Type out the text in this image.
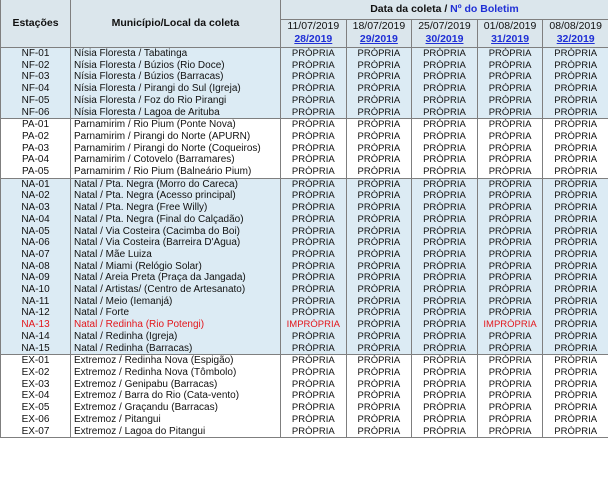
Estações	Município/Local da coleta	Data da coleta / Nº do Boletim				
		11/07/2019	18/07/2019	25/07/2019	01/08/2019	08/08/2019
		28/2019	29/2019	30/2019	31/2019	32/2019
NF-01	Nísia Floresta / Tabatinga	PRÓPRIA	PRÓPRIA	PRÓPRIA	PRÓPRIA	PRÓPRIA
NF-02	Nísia Floresta / Búzios (Rio Doce)	PRÓPRIA	PRÓPRIA	PRÓPRIA	PRÓPRIA	PRÓPRIA
NF-03	Nísia Floresta / Búzios (Barracas)	PRÓPRIA	PRÓPRIA	PRÓPRIA	PRÓPRIA	PRÓPRIA
NF-04	Nísia Floresta / Pirangi do Sul (Igreja)	PRÓPRIA	PRÓPRIA	PRÓPRIA	PRÓPRIA	PRÓPRIA
NF-05	Nísia Floresta / Foz do Rio Pirangi	PRÓPRIA	PRÓPRIA	PRÓPRIA	PRÓPRIA	PRÓPRIA
NF-06	Nísia Floresta / Lagoa de Arituba	PRÓPRIA	PRÓPRIA	PRÓPRIA	PRÓPRIA	PRÓPRIA
PA-01	Parnamirim / Rio Pium (Ponte Nova)	PRÓPRIA	PRÓPRIA	PRÓPRIA	PRÓPRIA	PRÓPRIA
PA-02	Parnamirim / Pirangi do Norte (APURN)	PRÓPRIA	PRÓPRIA	PRÓPRIA	PRÓPRIA	PRÓPRIA
PA-03	Parnamirim / Pirangi do Norte (Coqueiros)	PRÓPRIA	PRÓPRIA	PRÓPRIA	PRÓPRIA	PRÓPRIA
PA-04	Parnamirim / Cotovelo (Barramares)	PRÓPRIA	PRÓPRIA	PRÓPRIA	PRÓPRIA	PRÓPRIA
PA-05	Parnamirim / Rio Pium (Balneário Pium)	PRÓPRIA	PRÓPRIA	PRÓPRIA	PRÓPRIA	PRÓPRIA
NA-01	Natal / Pta. Negra (Morro do Careca)	PRÓPRIA	PRÓPRIA	PRÓPRIA	PRÓPRIA	PRÓPRIA
NA-02	Natal / Pta. Negra (Acesso principal)	PRÓPRIA	PRÓPRIA	PRÓPRIA	PRÓPRIA	PRÓPRIA
NA-03	Natal / Pta. Negra (Free Willy)	PRÓPRIA	PRÓPRIA	PRÓPRIA	PRÓPRIA	PRÓPRIA
NA-04	Natal / Pta. Negra (Final do Calçadão)	PRÓPRIA	PRÓPRIA	PRÓPRIA	PRÓPRIA	PRÓPRIA
NA-05	Natal / Via Costeira (Cacimba do Boi)	PRÓPRIA	PRÓPRIA	PRÓPRIA	PRÓPRIA	PRÓPRIA
NA-06	Natal / Via Costeira (Barreira D'Água)	PRÓPRIA	PRÓPRIA	PRÓPRIA	PRÓPRIA	PRÓPRIA
NA-07	Natal / Mãe Luiza	PRÓPRIA	PRÓPRIA	PRÓPRIA	PRÓPRIA	PRÓPRIA
NA-08	Natal / Miami (Relógio Solar)	PRÓPRIA	PRÓPRIA	PRÓPRIA	PRÓPRIA	PRÓPRIA
NA-09	Natal / Areia Preta (Praça da Jangada)	PRÓPRIA	PRÓPRIA	PRÓPRIA	PRÓPRIA	PRÓPRIA
NA-10	Natal / Artistas/ (Centro de Artesanato)	PRÓPRIA	PRÓPRIA	PRÓPRIA	PRÓPRIA	PRÓPRIA
NA-11	Natal / Meio (Iemanjá)	PRÓPRIA	PRÓPRIA	PRÓPRIA	PRÓPRIA	PRÓPRIA
NA-12	Natal / Forte	PRÓPRIA	PRÓPRIA	PRÓPRIA	PRÓPRIA	PRÓPRIA
NA-13	Natal / Redinha (Rio Potengi)	IMPRÓPRIA	PRÓPRIA	PRÓPRIA	IMPRÓPRIA	PRÓPRIA
NA-14	Natal / Redinha (Igreja)	PRÓPRIA	PRÓPRIA	PRÓPRIA	PRÓPRIA	PRÓPRIA
NA-15	Natal / Redinha (Barracas)	PRÓPRIA	PRÓPRIA	PRÓPRIA	PRÓPRIA	PRÓPRIA
EX-01	Extremoz / Redinha Nova (Espigão)	PRÓPRIA	PRÓPRIA	PRÓPRIA	PRÓPRIA	PRÓPRIA
EX-02	Extremoz / Redinha Nova (Tômbolo)	PRÓPRIA	PRÓPRIA	PRÓPRIA	PRÓPRIA	PRÓPRIA
EX-03	Extremoz / Genipabu (Barracas)	PRÓPRIA	PRÓPRIA	PRÓPRIA	PRÓPRIA	PRÓPRIA
EX-04	Extremoz / Barra do Rio (Cata-vento)	PRÓPRIA	PRÓPRIA	PRÓPRIA	PRÓPRIA	PRÓPRIA
EX-05	Extremoz / Graçandu (Barracas)	PRÓPRIA	PRÓPRIA	PRÓPRIA	PRÓPRIA	PRÓPRIA
EX-06	Extremoz / Pitangui	PRÓPRIA	PRÓPRIA	PRÓPRIA	PRÓPRIA	PRÓPRIA
EX-07	Extremoz / Lagoa do Pitangui	PRÓPRIA	PRÓPRIA	PRÓPRIA	PRÓPRIA	PRÓPRIA
